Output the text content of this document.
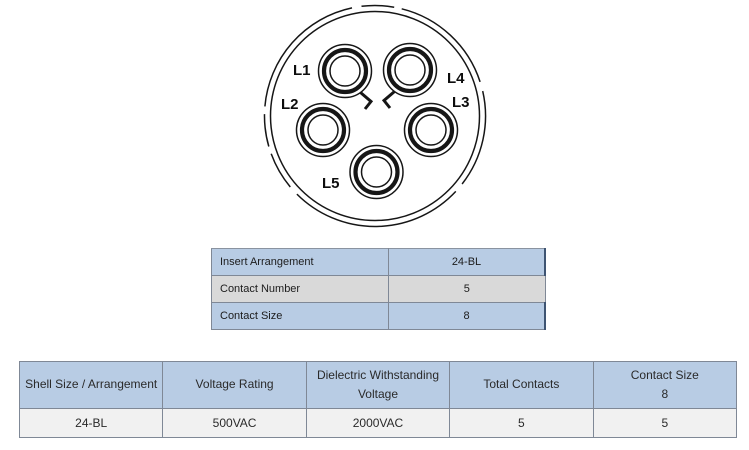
L1	L4
L2	L3
L5
Insert Arrangement	24-BL
Contact Number	5
Contact Size	8
Shell Size / Arrangement	Voltage Rating	Dielectric Withstanding Voltage	Total Contacts	Contact Size
8

24-BL	500VAC	2000VAC	5	5
